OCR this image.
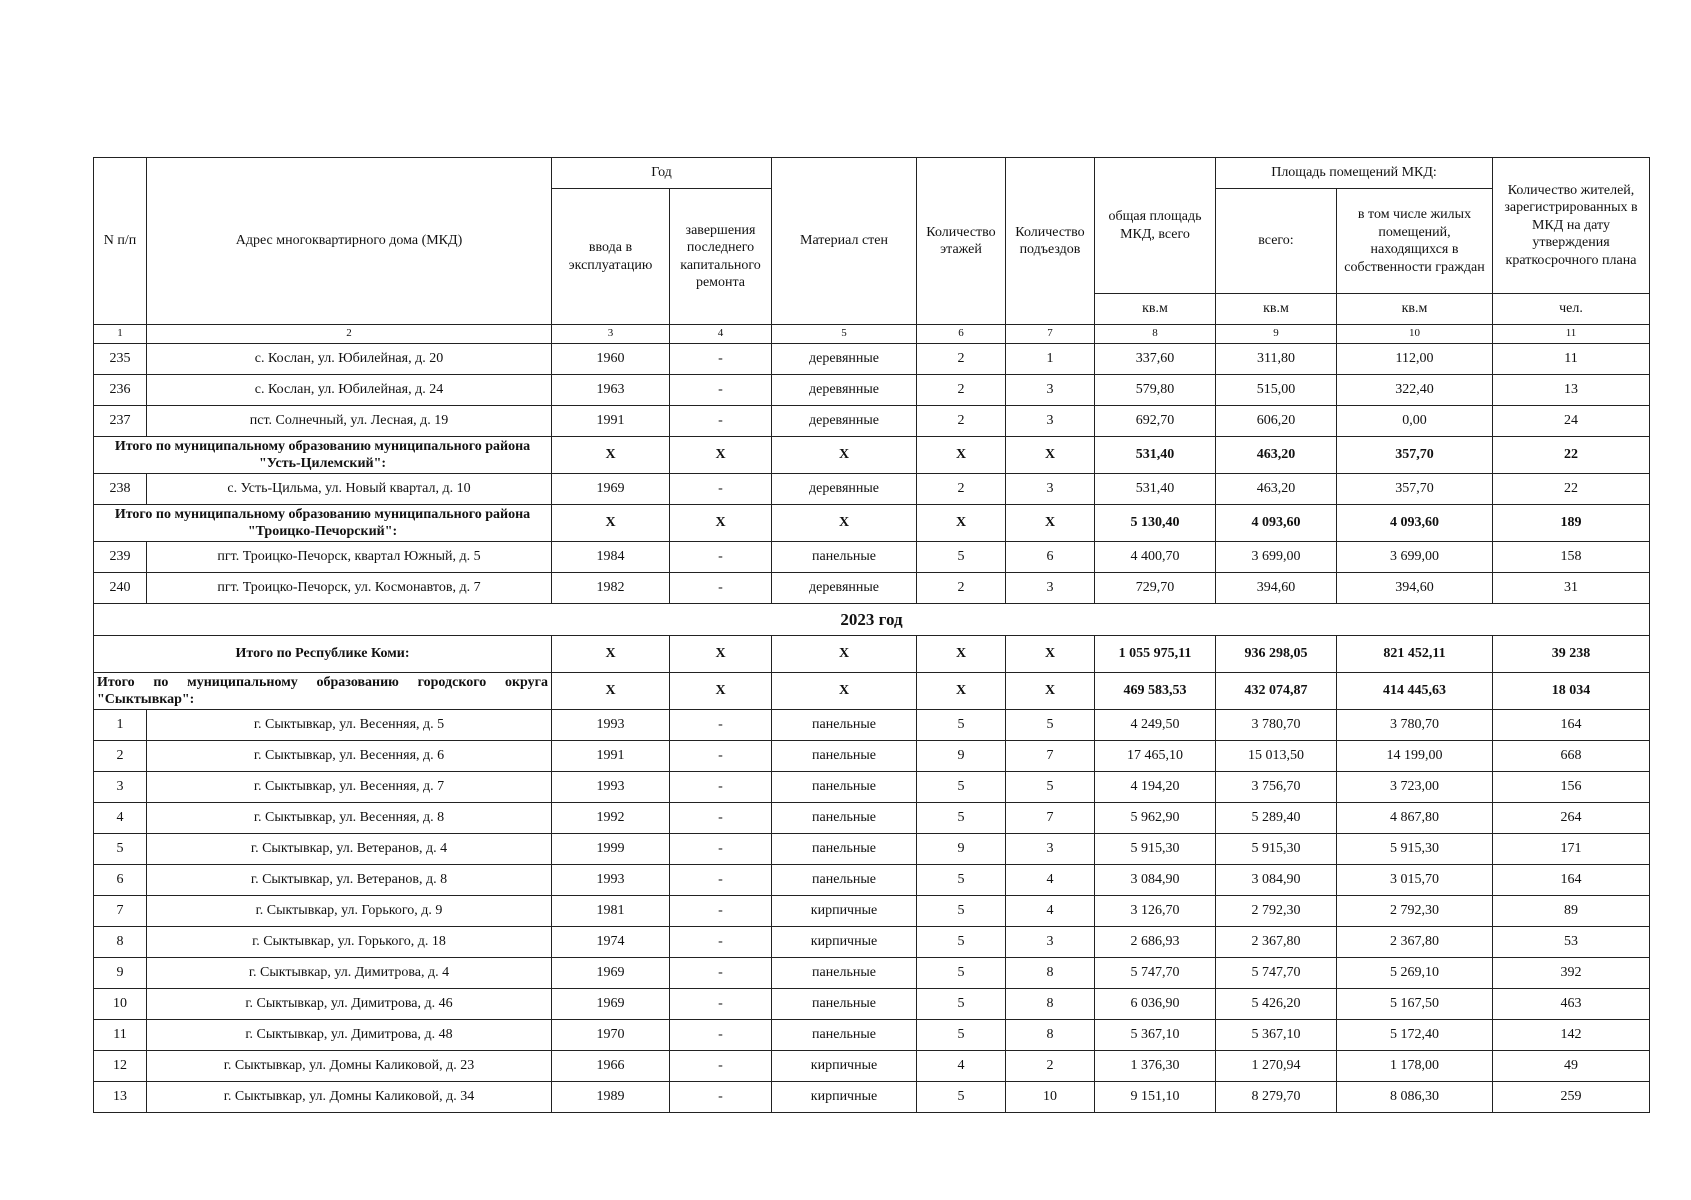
N п/п	Адрес многоквартирного дома (МКД)	Год		Материал стен	Количество этажей	Количество подъездов	общая площадь МКД, всего	Площадь помещений МКД:		Количество жителей, зарегистрированных в МКД на дату утверждения краткосрочного плана
		ввода в эксплуатацию	завершения последнего капитального ремонта					всего:	в том числе жилых помещений, находящихся в собственности граждан	
							кв.м	кв.м	кв.м	чел.
1	2	3	4	5	6	7	8	9	10	11
235	с. Кослан, ул. Юбилейная, д. 20	1960	-	деревянные	2	1	337,60	311,80	112,00	11
236	с. Кослан, ул. Юбилейная, д. 24	1963	-	деревянные	2	3	579,80	515,00	322,40	13
237	пст. Солнечный, ул. Лесная, д. 19	1991	-	деревянные	2	3	692,70	606,20	0,00	24
Итого по муниципальному образованию муниципального района "Усть-Цилемский":		X	X	X	X	X	531,40	463,20	357,70	22
238	с. Усть-Цильма, ул. Новый квартал, д. 10	1969	-	деревянные	2	3	531,40	463,20	357,70	22
Итого по муниципальному образованию муниципального района "Троицко-Печорский":		X	X	X	X	X	5 130,40	4 093,60	4 093,60	189
239	пгт. Троицко-Печорск, квартал Южный, д. 5	1984	-	панельные	5	6	4 400,70	3 699,00	3 699,00	158
240	пгт. Троицко-Печорск, ул. Космонавтов, д. 7	1982	-	деревянные	2	3	729,70	394,60	394,60	31
2023 год										
Итого по Республике Коми:		X	X	X	X	X	1 055 975,11	936 298,05	821 452,11	39 238
Итого по муниципальному образованию городского округа "Сыктывкар":		X	X	X	X	X	469 583,53	432 074,87	414 445,63	18 034
1	г. Сыктывкар, ул. Весенняя, д. 5	1993	-	панельные	5	5	4 249,50	3 780,70	3 780,70	164
2	г. Сыктывкар, ул. Весенняя, д. 6	1991	-	панельные	9	7	17 465,10	15 013,50	14 199,00	668
3	г. Сыктывкар, ул. Весенняя, д. 7	1993	-	панельные	5	5	4 194,20	3 756,70	3 723,00	156
4	г. Сыктывкар, ул. Весенняя, д. 8	1992	-	панельные	5	7	5 962,90	5 289,40	4 867,80	264
5	г. Сыктывкар, ул. Ветеранов, д. 4	1999	-	панельные	9	3	5 915,30	5 915,30	5 915,30	171
6	г. Сыктывкар, ул. Ветеранов, д. 8	1993	-	панельные	5	4	3 084,90	3 084,90	3 015,70	164
7	г. Сыктывкар, ул. Горького, д. 9	1981	-	кирпичные	5	4	3 126,70	2 792,30	2 792,30	89
8	г. Сыктывкар, ул. Горького, д. 18	1974	-	кирпичные	5	3	2 686,93	2 367,80	2 367,80	53
9	г. Сыктывкар, ул. Димитрова, д. 4	1969	-	панельные	5	8	5 747,70	5 747,70	5 269,10	392
10	г. Сыктывкар, ул. Димитрова, д. 46	1969	-	панельные	5	8	6 036,90	5 426,20	5 167,50	463
11	г. Сыктывкар, ул. Димитрова, д. 48	1970	-	панельные	5	8	5 367,10	5 367,10	5 172,40	142
12	г. Сыктывкар, ул. Домны Каликовой, д. 23	1966	-	кирпичные	4	2	1 376,30	1 270,94	1 178,00	49
13	г. Сыктывкар, ул. Домны Каликовой, д. 34	1989	-	кирпичные	5	10	9 151,10	8 279,70	8 086,30	259
